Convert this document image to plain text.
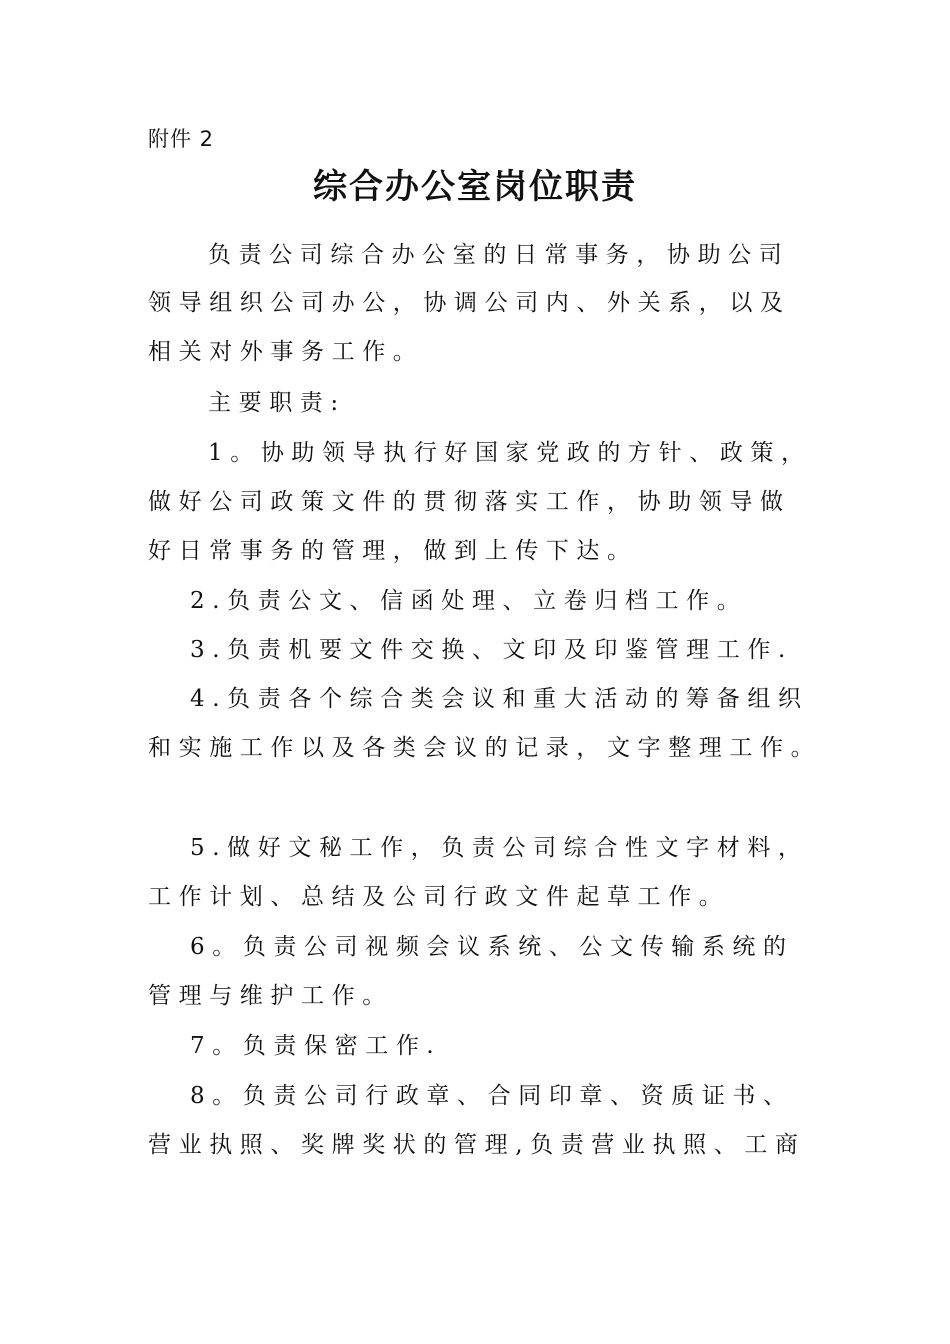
附件 2
综合办公室岗位职责
负责公司综合办公室的日常事务，协助公司
领导组织公司办公，协调公司内、外关系，以及
相关对外事务工作。
主要职责:
1。协助领导执行好国家党政的方针、政策，
做好公司政策文件的贯彻落实工作，协助领导做
好日常事务的管理，做到上传下达。
2.负责公文、信函处理、立卷归档工作。
3.负责机要文件交换、文印及印鉴管理工作.
4.负责各个综合类会议和重大活动的筹备组织
和实施工作以及各类会议的记录，文字整理工作。
5.做好文秘工作，负责公司综合性文字材料，
工作计划、总结及公司行政文件起草工作。
6。负责公司视频会议系统、公文传输系统的
管理与维护工作。
7。负责保密工作.
8。负责公司行政章、合同印章、资质证书、
营业执照、奖牌奖状的管理,负责营业执照、工商
